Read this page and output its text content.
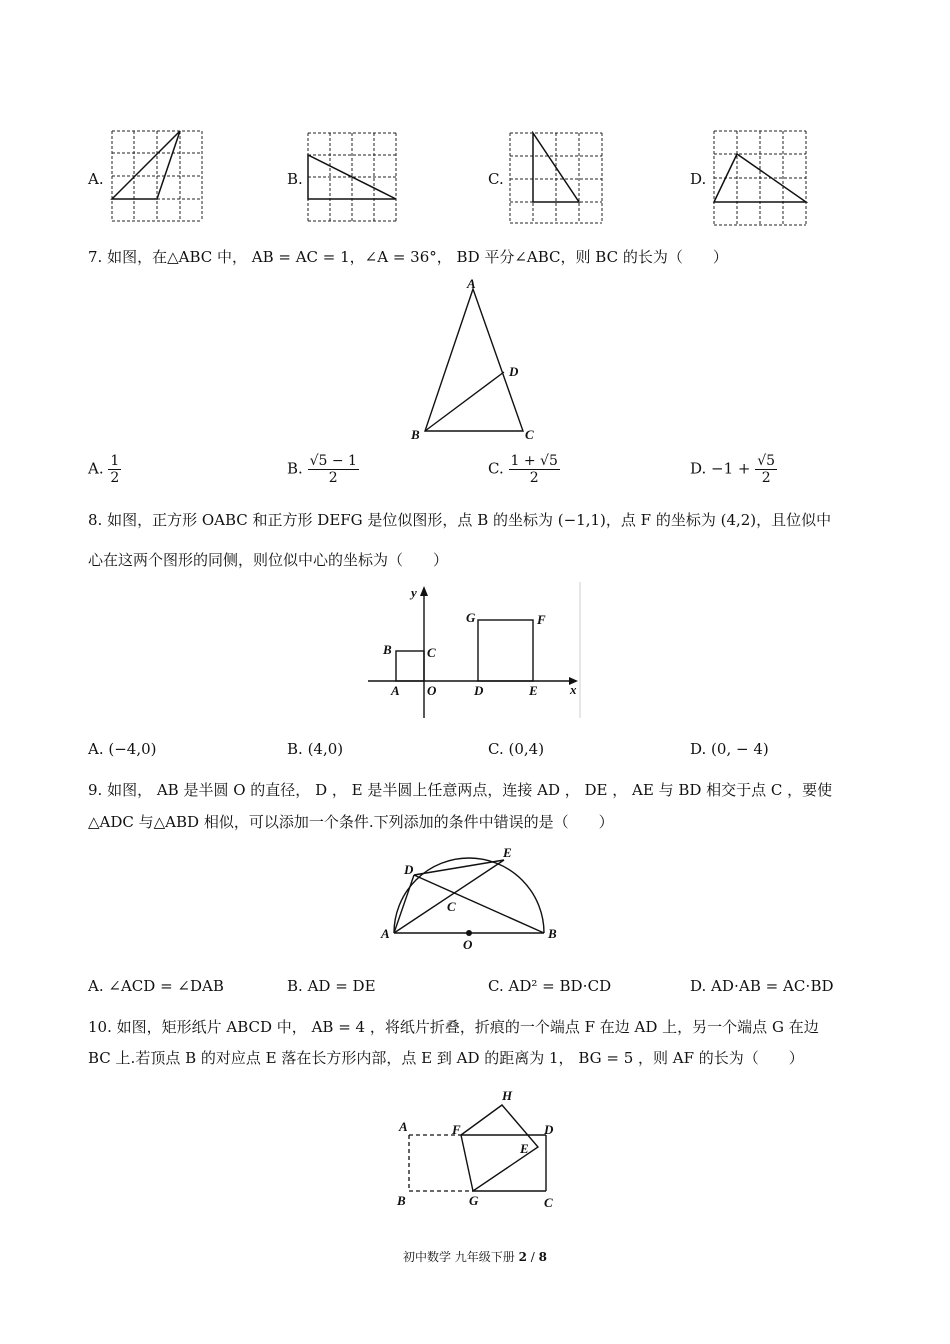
A.	B.	C.	D.
7. 如图，在△ABC 中， AB = AC = 1，∠A = 36°， BD 平分∠ABC，则 BC 的长为（　　）
A
D
B	C
A. $\frac{1}{2}$	B. $\frac{√5 - 1}{2}$	C. $\frac{1 + √5}{2}$	D. $-1 + \frac{√5}{2}$
8. 如图，正方形 OABC 和正方形 DEFG 是位似图形，点 B 的坐标为 (−1,1)，点 F 的坐标为 (4,2)，且位似中
心在这两个图形的同侧，则位似中心的坐标为（　　）
y
x
B	C
A O
G	F
D	E
A. (−4,0)	B. (4,0)	C. (0,4)	D. (0, − 4)
9. 如图， AB 是半圆 O 的直径， D ， E 是半圆上任意两点，连接 AD ， DE ， AE 与 BD 相交于点 C ，要使
△ADC 与△ABD 相似，可以添加一个条件.下列添加的条件中错误的是（　　）
D
E
C
A
O
B
A. ∠ACD = ∠DAB	B. AD = DE	C. AD² = BD⋅CD	D. AD⋅AB = AC⋅BD
10. 如图，矩形纸片 ABCD 中， AB = 4 ，将纸片折叠，折痕的一个端点 F 在边 AD 上，另一个端点 G 在边
BC 上.若顶点 B 的对应点 E 落在长方形内部，点 E 到 AD 的距离为 1， BG = 5 ，则 AF 的长为（　　）
H
A	F	D
E
B	G	C
初中数学 九年级下册 2 / 8
